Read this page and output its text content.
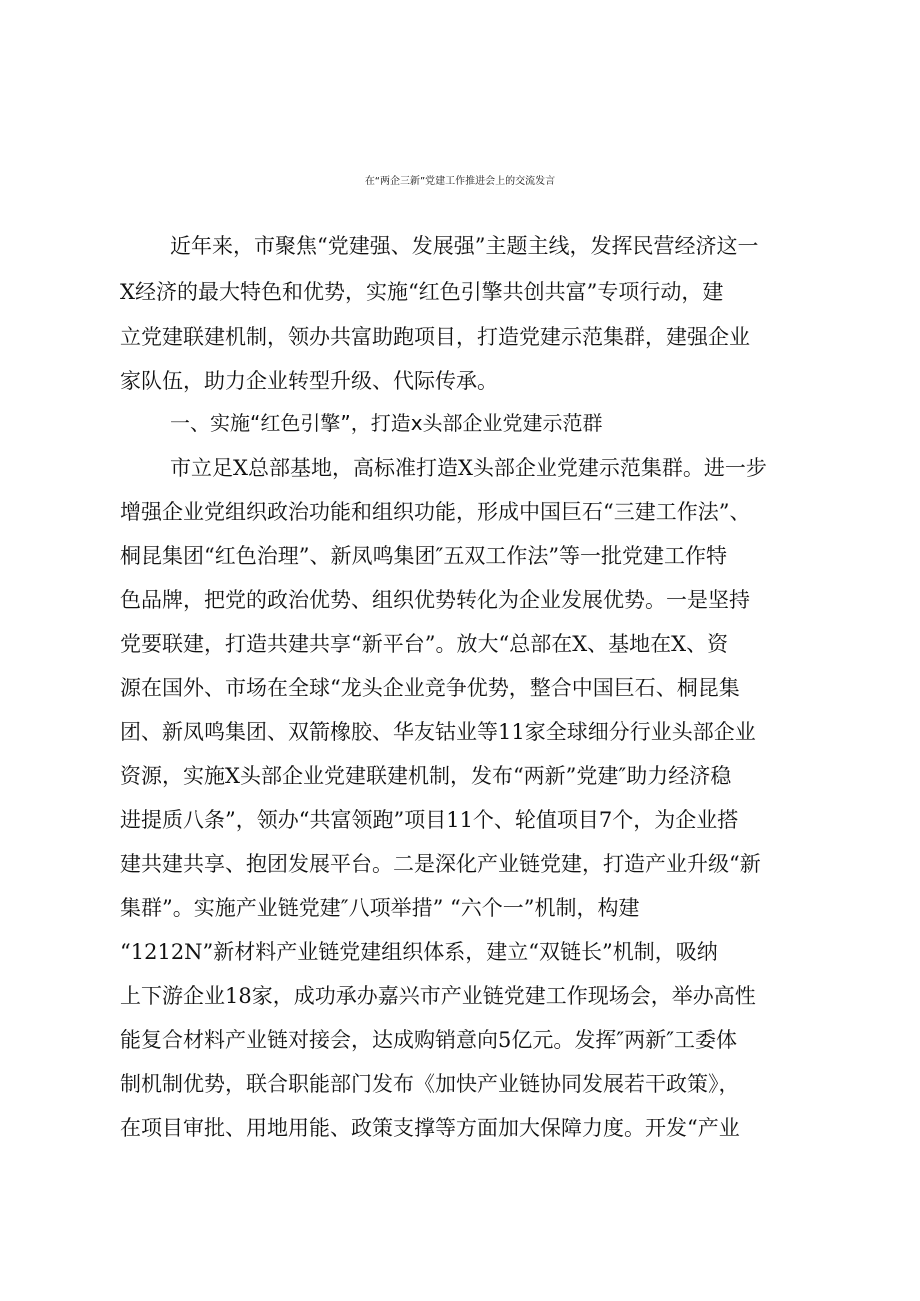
在“两企三新”党建工作推进会上的交流发言

近年来，市聚焦“党建强、发展强”主题主线，发挥民营经济这一

X经济的最大特色和优势，实施“红色引擎共创共富”专项行动，建

立党建联建机制，领办共富助跑项目，打造党建示范集群，建强企业

家队伍，助力企业转型升级、代际传承。

一、实施“红色引擎”，打造x头部企业党建示范群

市立足X总部基地，高标准打造X头部企业党建示范集群。进一步

增强企业党组织政治功能和组织功能，形成中国巨石“三建工作法”、

桐昆集团“红色治理”、新凤鸣集团″五双工作法”等一批党建工作特

色品牌，把党的政治优势、组织优势转化为企业发展优势。一是坚持

党要联建，打造共建共享“新平台”。放大“总部在X、基地在X、资

源在国外、市场在全球“龙头企业竞争优势，整合中国巨石、桐昆集

团、新凤鸣集团、双箭橡胶、华友钴业等11家全球细分行业头部企业

资源，实施X头部企业党建联建机制，发布“两新”党建″助力经济稳

进提质八条”，领办“共富领跑”项目11个、轮值项目7个，为企业搭

建共建共享、抱团发展平台。二是深化产业链党建，打造产业升级“新

集群”。实施产业链党建″八项举措” “六个一”机制，构建

“1212N”新材料产业链党建组织体系，建立“双链长”机制，吸纳

上下游企业18家，成功承办嘉兴市产业链党建工作现场会，举办高性

能复合材料产业链对接会，达成购销意向5亿元。发挥″两新″工委体

制机制优势，联合职能部门发布《加快产业链协同发展若干政策》，

在项目审批、用地用能、政策支撑等方面加大保障力度。开发“产业
